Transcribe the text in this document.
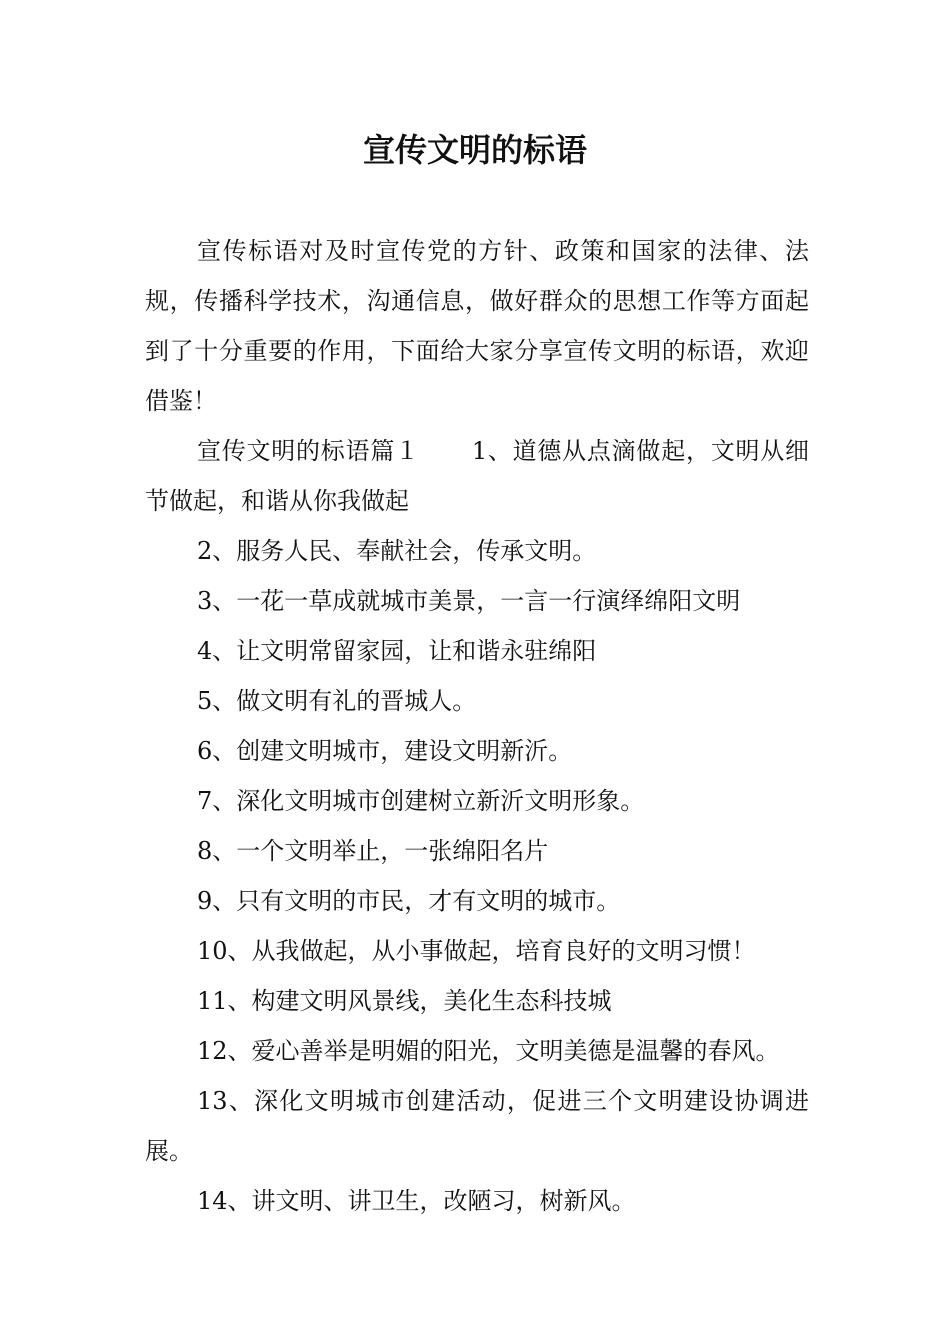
宣传文明的标语

宣传标语对及时宣传党的方针、政策和国家的法律、法规，传播科学技术，沟通信息，做好群众的思想工作等方面起到了十分重要的作用，下面给大家分享宣传文明的标语，欢迎借鉴！

宣传文明的标语篇１ 1、道德从点滴做起，文明从细节做起，和谐从你我做起

2、服务人民、奉献社会，传承文明。

3、一花一草成就城市美景，一言一行演绎绵阳文明

4、让文明常留家园，让和谐永驻绵阳

5、做文明有礼的晋城人。

6、创建文明城市，建设文明新沂。

7、深化文明城市创建树立新沂文明形象。

8、一个文明举止，一张绵阳名片

9、只有文明的市民，才有文明的城市。

10、从我做起，从小事做起，培育良好的文明习惯！

11、构建文明风景线，美化生态科技城

12、爱心善举是明媚的阳光，文明美德是温馨的春风。

13、深化文明城市创建活动，促进三个文明建设协调进展。

14、讲文明、讲卫生，改陋习，树新风。
